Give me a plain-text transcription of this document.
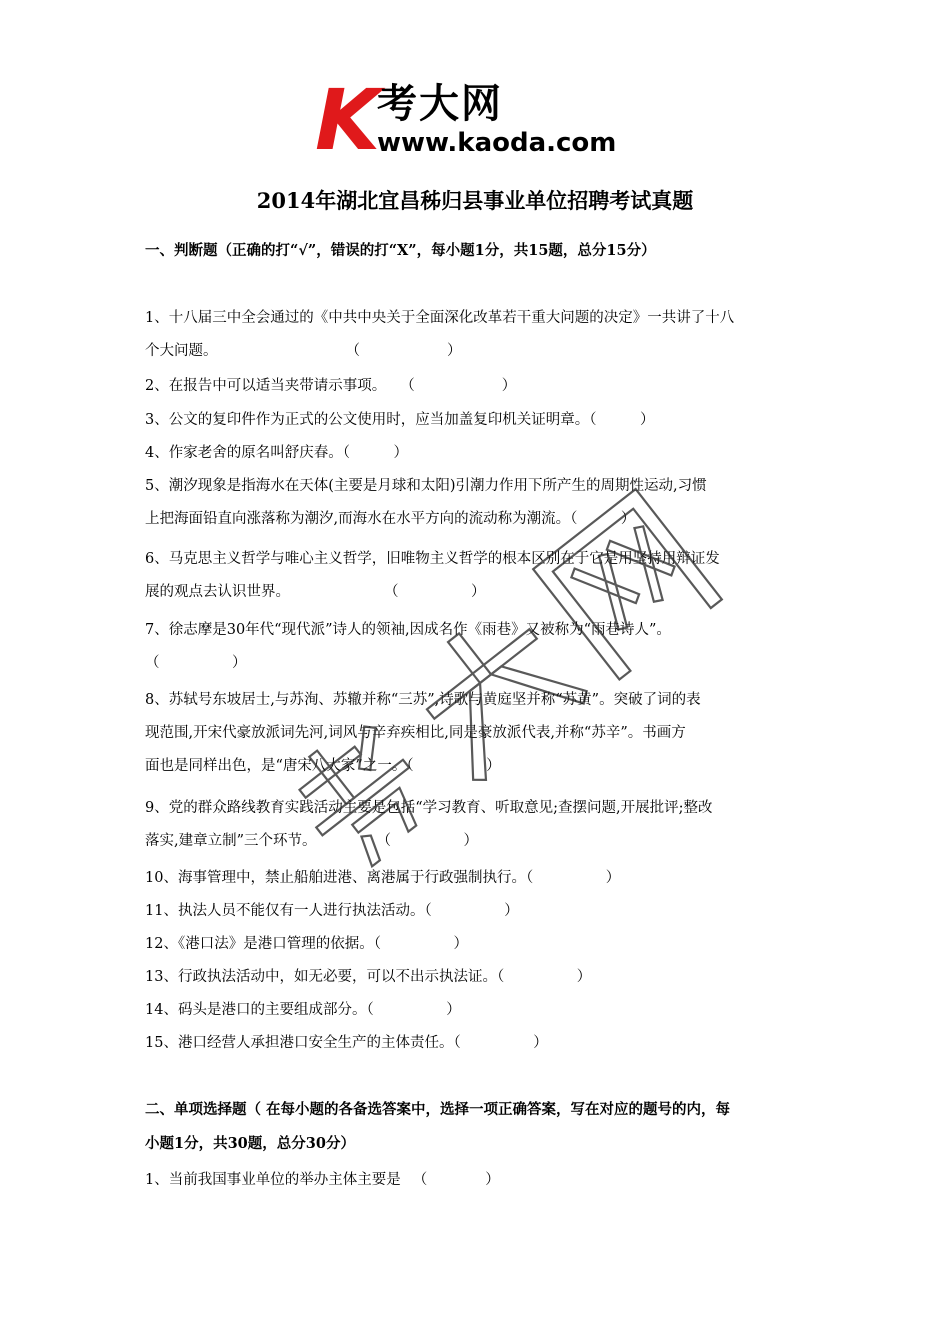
K
考大网
www.kaoda.com
2014年湖北宜昌秭归县事业单位招聘考试真题
一、判断题（正确的打“√”，错误的打“X”，每小题1分，共15题，总分15分）
1、十八届三中全会通过的《中共中央关于全面深化改革若干重大问题的决定》一共讲了十八
个大问题。	（　　　　　　）
2、在报告中可以适当夹带请示事项。 （　　　　　　）
3、公文的复印件作为正式的公文使用时，应当加盖复印机关证明章。（　　　）
4、作家老舍的原名叫舒庆春。（　　　）
5、潮汐现象是指海水在天体(主要是月球和太阳)引潮力作用下所产生的周期性运动,习惯
上把海面铅直向涨落称为潮汐,而海水在水平方向的流动称为潮流。（　　　）
6、马克思主义哲学与唯心主义哲学，旧唯物主义哲学的根本区别在于它是用坚持用辩证发
展的观点去认识世界。	（　　　　　）
7、徐志摩是30年代“现代派”诗人的领袖,因成名作《雨巷》又被称为“雨巷诗人”。
（　　　　　）
8、苏轼号东坡居士,与苏洵、苏辙并称“三苏”,诗歌与黄庭坚并称“苏黄”。突破了词的表
现范围,开宋代豪放派词先河,词风与辛弃疾相比,同是豪放派代表,并称“苏辛”。书画方
面也是同样出色，是“唐宋八大家”之一。（　　　　　）
9、党的群众路线教育实践活动主要是包括“学习教育、听取意见;查摆问题,开展批评;整改
落实,建章立制”三个环节。	（　　　　　）
10、海事管理中，禁止船舶进港、离港属于行政强制执行。（　　　　　）
11、执法人员不能仅有一人进行执法活动。（　　　　　）
12、《港口法》是港口管理的依据。（　　　　　）
13、行政执法活动中，如无必要，可以不出示执法证。（　　　　　）
14、码头是港口的主要组成部分。（　　　　　）
15、港口经营人承担港口安全生产的主体责任。（　　　　　）
二、单项选择题（ 在每小题的各备选答案中，选择一项正确答案，写在对应的题号的内，每
小题1分，共30题，总分30分）
1、当前我国事业单位的举办主体主要是 （　　　　）
